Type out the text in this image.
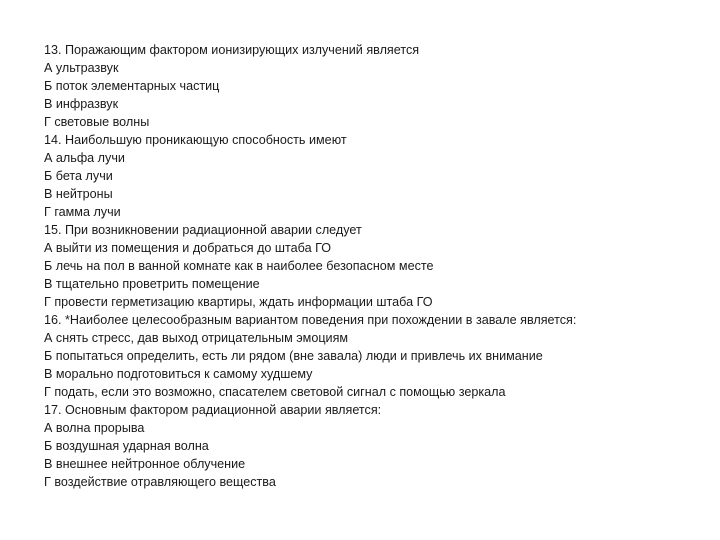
13. Поражающим фактором ионизирующих излучений является
А ультразвук
Б поток элементарных частиц
В инфразвук
Г световые волны
14. Наибольшую проникающую способность имеют
А альфа лучи
Б бета лучи
В нейтроны
Г гамма лучи
15. При возникновении радиационной аварии следует
А выйти из помещения и добраться до штаба ГО
Б лечь на пол в ванной комнате как в наиболее безопасном месте
В тщательно проветрить помещение
Г провести герметизацию квартиры, ждать информации штаба ГО
16. *Наиболее целесообразным вариантом поведения при похождении в завале является:
А снять стресс, дав выход отрицательным эмоциям
Б попытаться определить, есть ли рядом (вне завала) люди и привлечь их внимание
В морально подготовиться к самому худшему
Г подать, если это возможно, спасателем световой сигнал с помощью зеркала
17. Основным фактором радиационной аварии является:
А волна прорыва
Б воздушная ударная волна
В внешнее нейтронное облучение
Г воздействие отравляющего вещества
